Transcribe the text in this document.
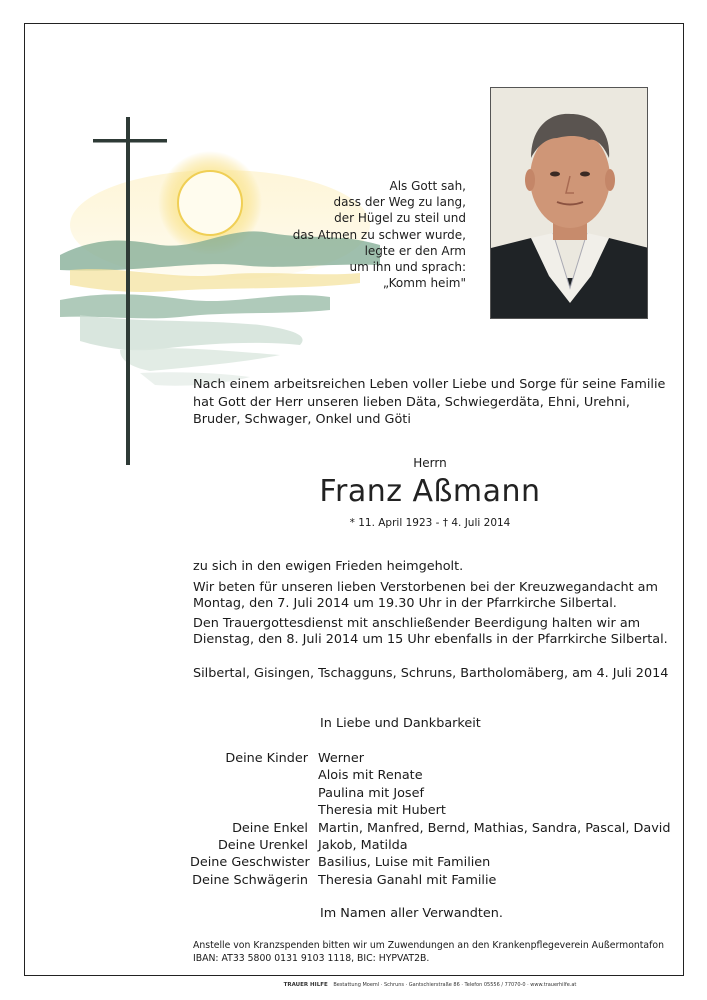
Als Gott sah,
dass der Weg zu lang,
der Hügel zu steil und
das Atmen zu schwer wurde,
legte er den Arm
um ihn und sprach:
„Komm heim"
Nach einem arbeitsreichen Leben voller Liebe und Sorge für seine Familie hat Gott der Herr unseren lieben Däta, Schwiegerdäta, Ehni, Urehni, Bruder, Schwager, Onkel und Göti
Herrn
Franz Aßmann
* 11. April 1923 - † 4. Juli 2014
zu sich in den ewigen Frieden heimgeholt.
Wir beten für unseren lieben Verstorbenen bei der Kreuzwegandacht am Montag, den 7. Juli 2014 um 19.30 Uhr in der Pfarrkirche Silbertal.
Den Trauergottesdienst mit anschließender Beerdigung halten wir am Dienstag, den 8. Juli 2014 um 15 Uhr ebenfalls in der Pfarrkirche Silbertal.
Silbertal, Gisingen, Tschagguns, Schruns, Bartholomäberg, am 4. Juli 2014
In Liebe und Dankbarkeit
Deine Kinder Werner
Alois mit Renate
Paulina mit Josef
Theresia mit Hubert
Deine Enkel Martin, Manfred, Bernd, Mathias, Sandra, Pascal, David
Deine Urenkel Jakob, Matilda
Deine Geschwister Basilius, Luise mit Familien
Deine Schwägerin Theresia Ganahl mit Familie
Im Namen aller Verwandten.
Anstelle von Kranzspenden bitten wir um Zuwendungen an den Krankenpflegeverein Außermontafon
IBAN: AT33 5800 0131 9103 1118, BIC: HYPVAT2B.
TRAUER HILFE Bestattung Moeml · Schruns · Gantschierstraße 86 · Telefon 05556 / 77070-0 · www.trauerhilfe.at
